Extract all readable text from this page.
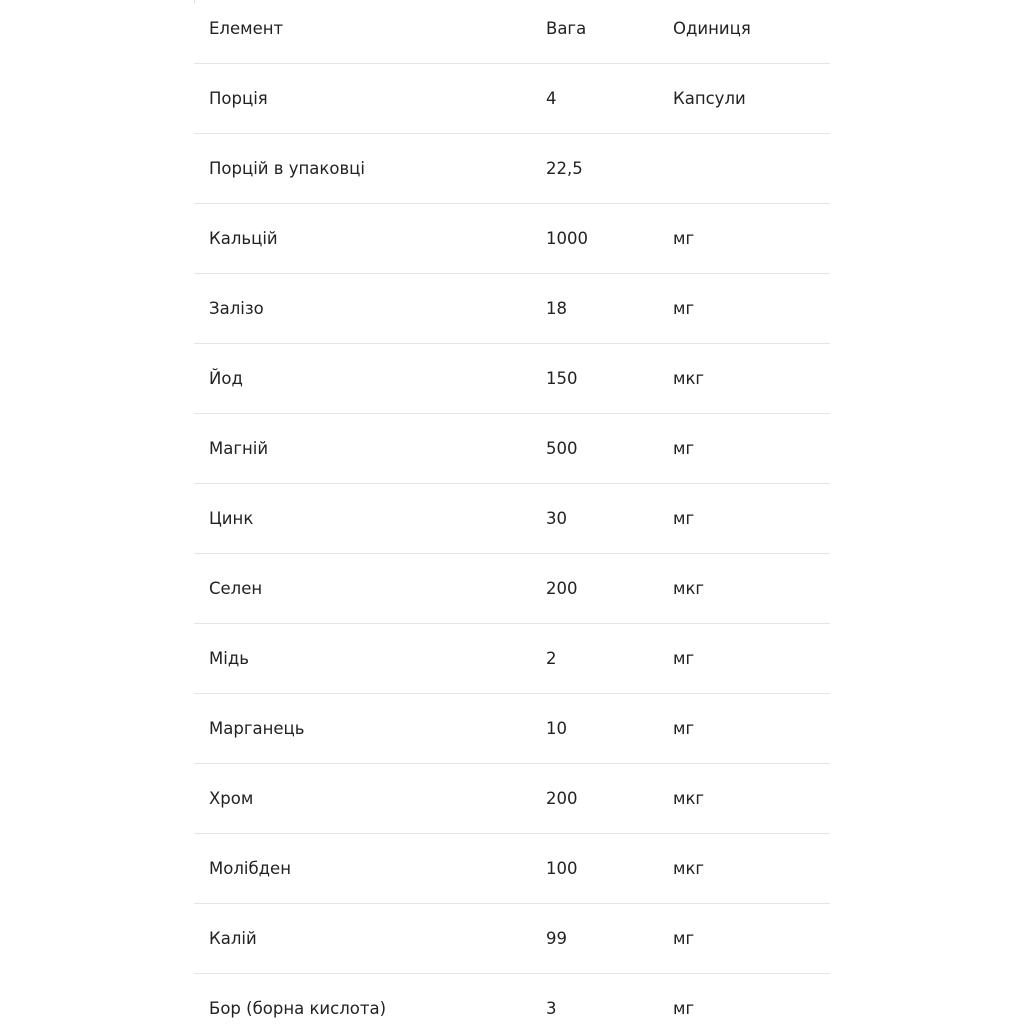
Елемент	Вага	Одиниця
Порція	4	Капсули
Порцій в упаковці	22,5
Кальцій	1000	мг
Залізо	18	мг
Йод	150	мкг
Магній	500	мг
Цинк	30	мг
Селен	200	мкг
Мідь	2	мг
Марганець	10	мг
Хром	200	мкг
Молібден	100	мкг
Калій	99	мг
Бор (борна кислота)	3	мг
